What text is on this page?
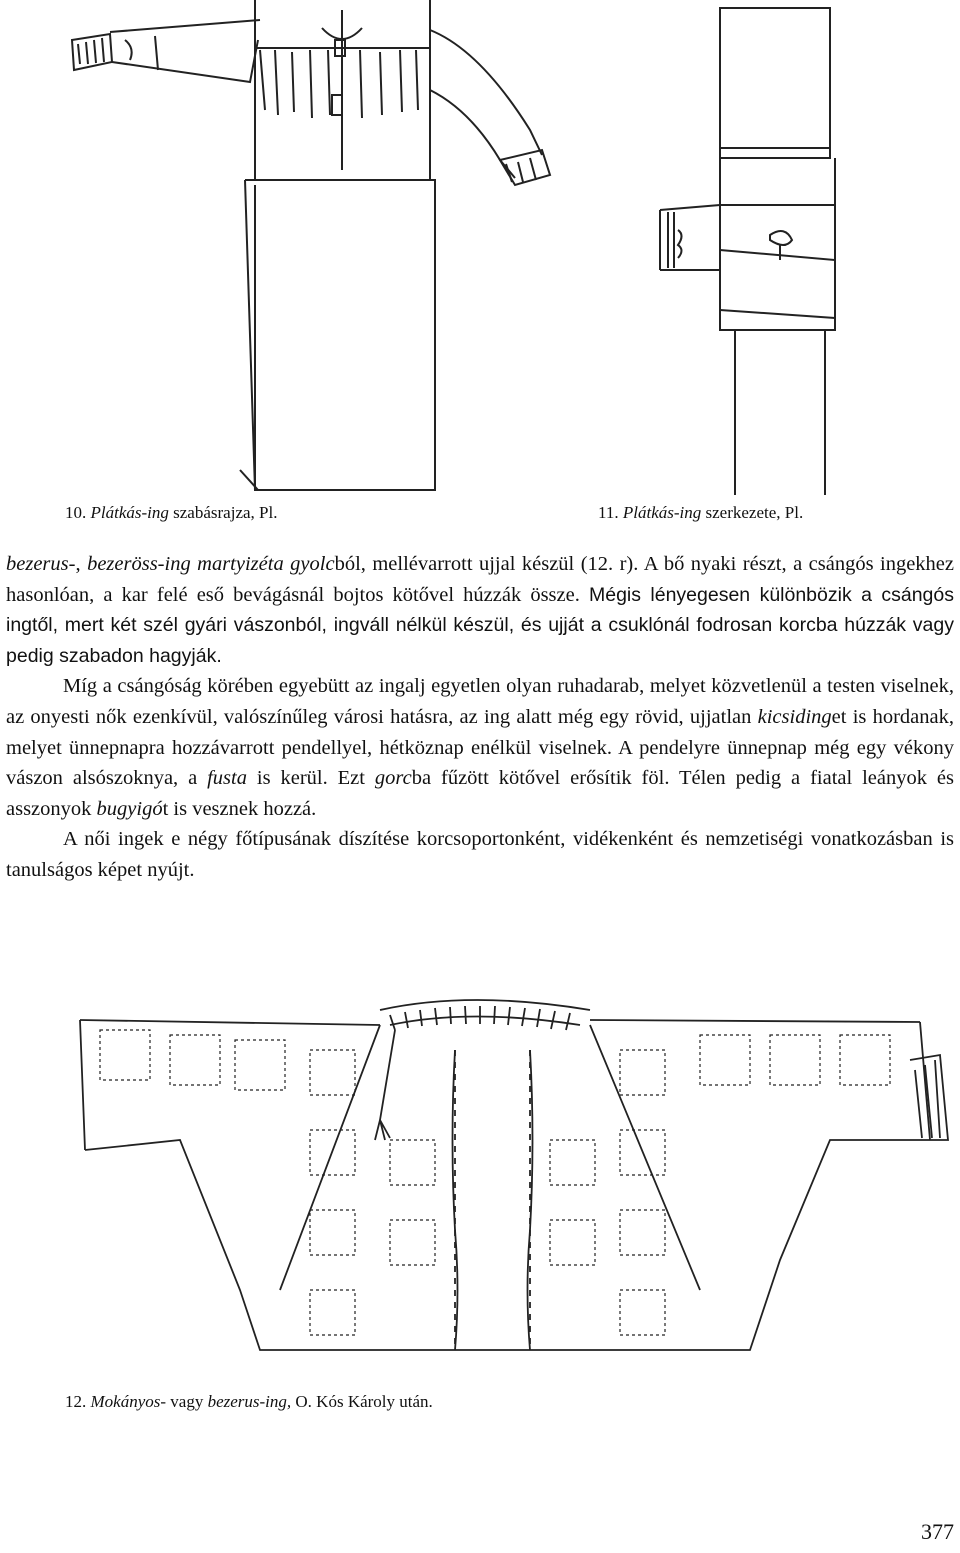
10. Plátkás-ing szabásrajza, Pl.	11. Plátkás-ing szerkezete, Pl.

bezerus-, bezeröss-ing martyizéta gyolcból, mellévarrott ujjal készül (12. r). A bő nyaki részt, a csángós ingekhez hasonlóan, a kar felé eső bevágásnál bojtos kötővel húzzák össze. Mégis lényegesen különbözik a csángós ingtől, mert két szél gyári vászonból, ingváll nélkül készül, és ujját a csuklónál fodrosan korcba húzzák vagy pedig szabadon hagyják.

Míg a csángóság körében egyebütt az ingalj egyetlen olyan ruhadarab, melyet közvetlenül a testen viselnek, az onyesti nők ezenkívül, valószínűleg városi hatásra, az ing alatt még egy rövid, ujjatlan kicsidinget is hordanak, melyet ünnepnapra hozzávarrott pendellyel, hétköznap enélkül viselnek. A pendelyre ünnepnap még egy vékony vászon alsószoknya, a fusta is kerül. Ezt gorcba fűzött kötővel erősítik föl. Télen pedig a fiatal leányok és asszonyok bugyigót is vesznek hozzá.

A női ingek e négy főtípusának díszítése korcsoportonként, vidékenként és nemzetiségi vonatkozásban is tanulságos képet nyújt.

12. Mokányos- vagy bezerus-ing, O. Kós Károly után.
377
